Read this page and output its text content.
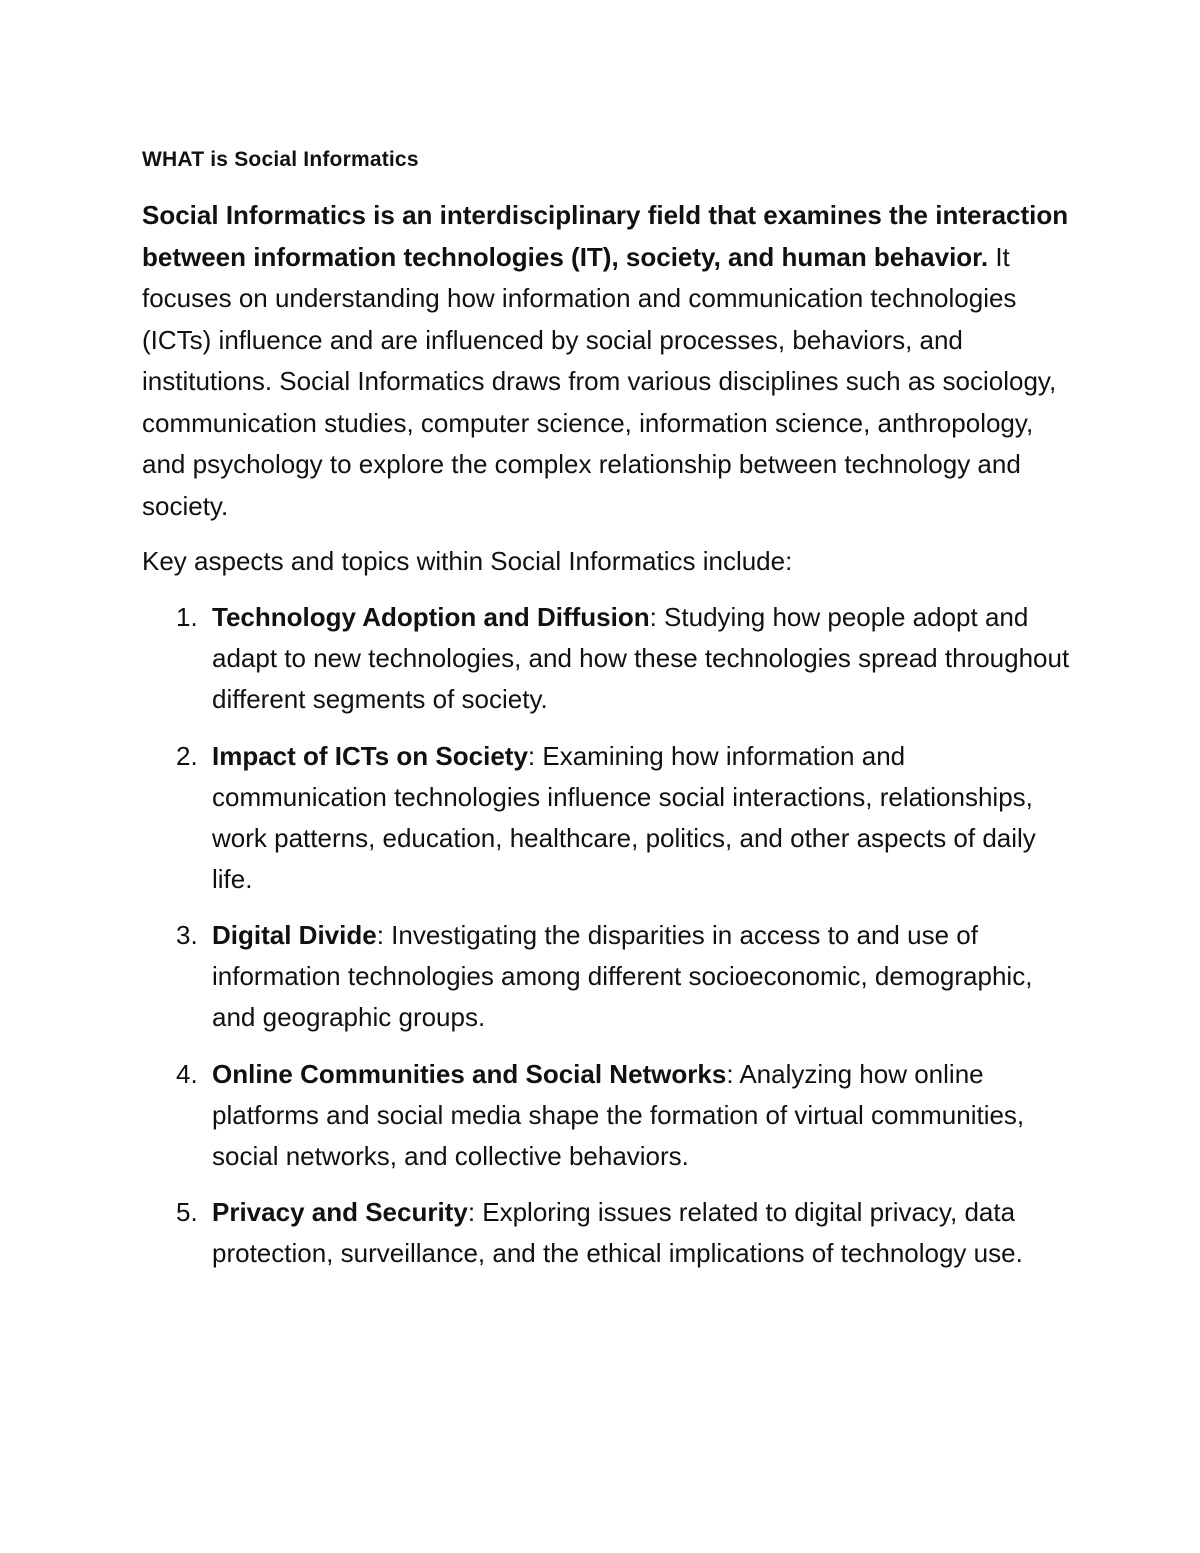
WHAT is Social Informatics

Social Informatics is an interdisciplinary field that examines the interaction between information technologies (IT), society, and human behavior. It focuses on understanding how information and communication technologies (ICTs) influence and are influenced by social processes, behaviors, and institutions. Social Informatics draws from various disciplines such as sociology, communication studies, computer science, information science, anthropology, and psychology to explore the complex relationship between technology and society.

Key aspects and topics within Social Informatics include:

1. Technology Adoption and Diffusion: Studying how people adopt and adapt to new technologies, and how these technologies spread throughout different segments of society.
2. Impact of ICTs on Society: Examining how information and communication technologies influence social interactions, relationships, work patterns, education, healthcare, politics, and other aspects of daily life.
3. Digital Divide: Investigating the disparities in access to and use of information technologies among different socioeconomic, demographic, and geographic groups.
4. Online Communities and Social Networks: Analyzing how online platforms and social media shape the formation of virtual communities, social networks, and collective behaviors.
5. Privacy and Security: Exploring issues related to digital privacy, data protection, surveillance, and the ethical implications of technology use.
